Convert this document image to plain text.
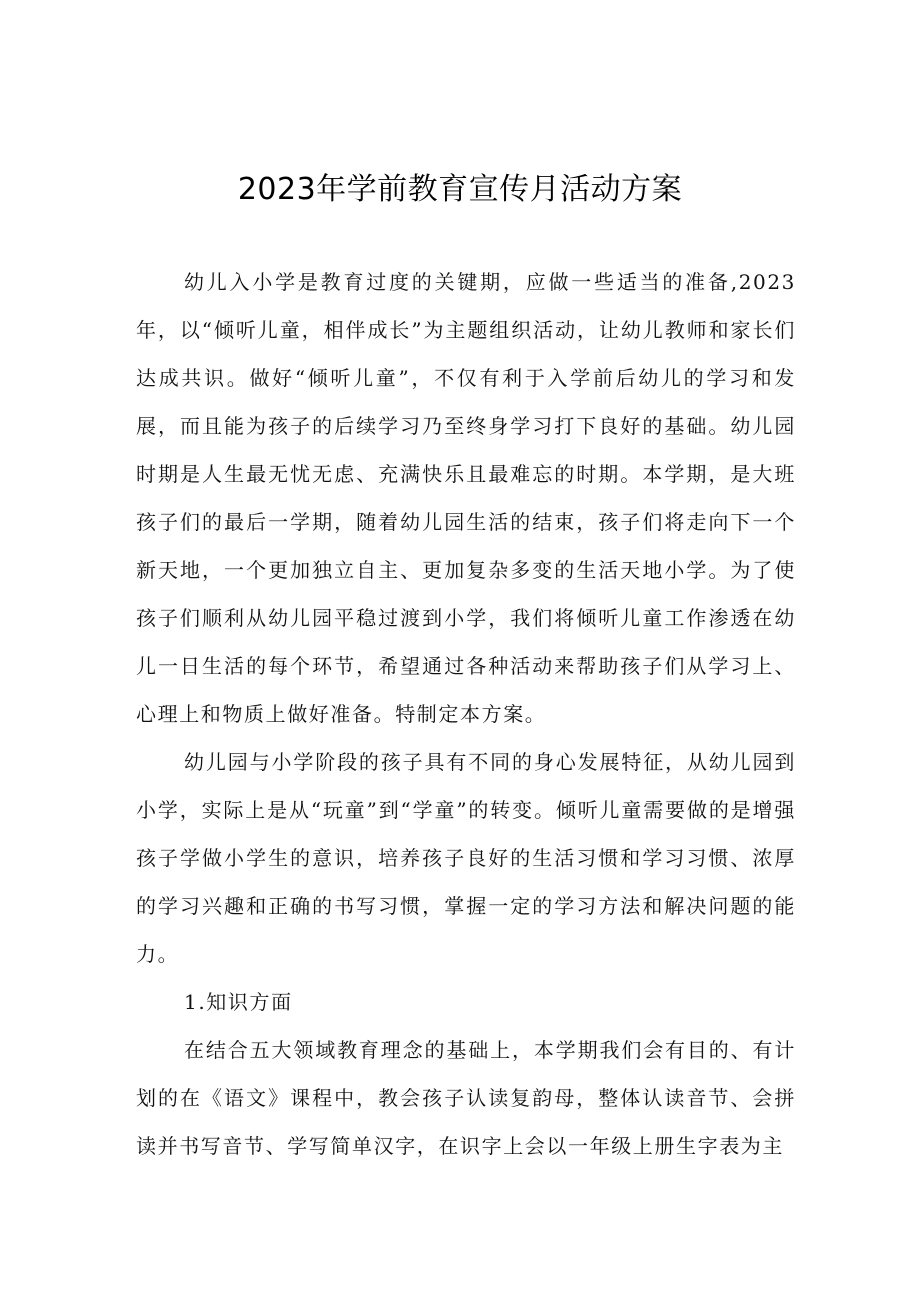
2023年学前教育宣传月活动方案

幼儿入小学是教育过度的关键期，应做一些适当的准备,2023年，以“倾听儿童，相伴成长”为主题组织活动，让幼儿教师和家长们达成共识。做好“倾听儿童”，不仅有利于入学前后幼儿的学习和发展，而且能为孩子的后续学习乃至终身学习打下良好的基础。幼儿园时期是人生最无忧无虑、充满快乐且最难忘的时期。本学期，是大班孩子们的最后一学期，随着幼儿园生活的结束，孩子们将走向下一个新天地，一个更加独立自主、更加复杂多变的生活天地小学。为了使孩子们顺利从幼儿园平稳过渡到小学，我们将倾听儿童工作渗透在幼儿一日生活的每个环节，希望通过各种活动来帮助孩子们从学习上、心理上和物质上做好准备。特制定本方案。

幼儿园与小学阶段的孩子具有不同的身心发展特征，从幼儿园到小学，实际上是从“玩童”到“学童”的转变。倾听儿童需要做的是增强孩子学做小学生的意识，培养孩子良好的生活习惯和学习习惯、浓厚的学习兴趣和正确的书写习惯，掌握一定的学习方法和解决问题的能力。

1.知识方面

在结合五大领域教育理念的基础上，本学期我们会有目的、有计划的在《语文》课程中，教会孩子认读复韵母，整体认读音节、会拼读并书写音节、学写简单汉字，在识字上会以一年级上册生字表为主
